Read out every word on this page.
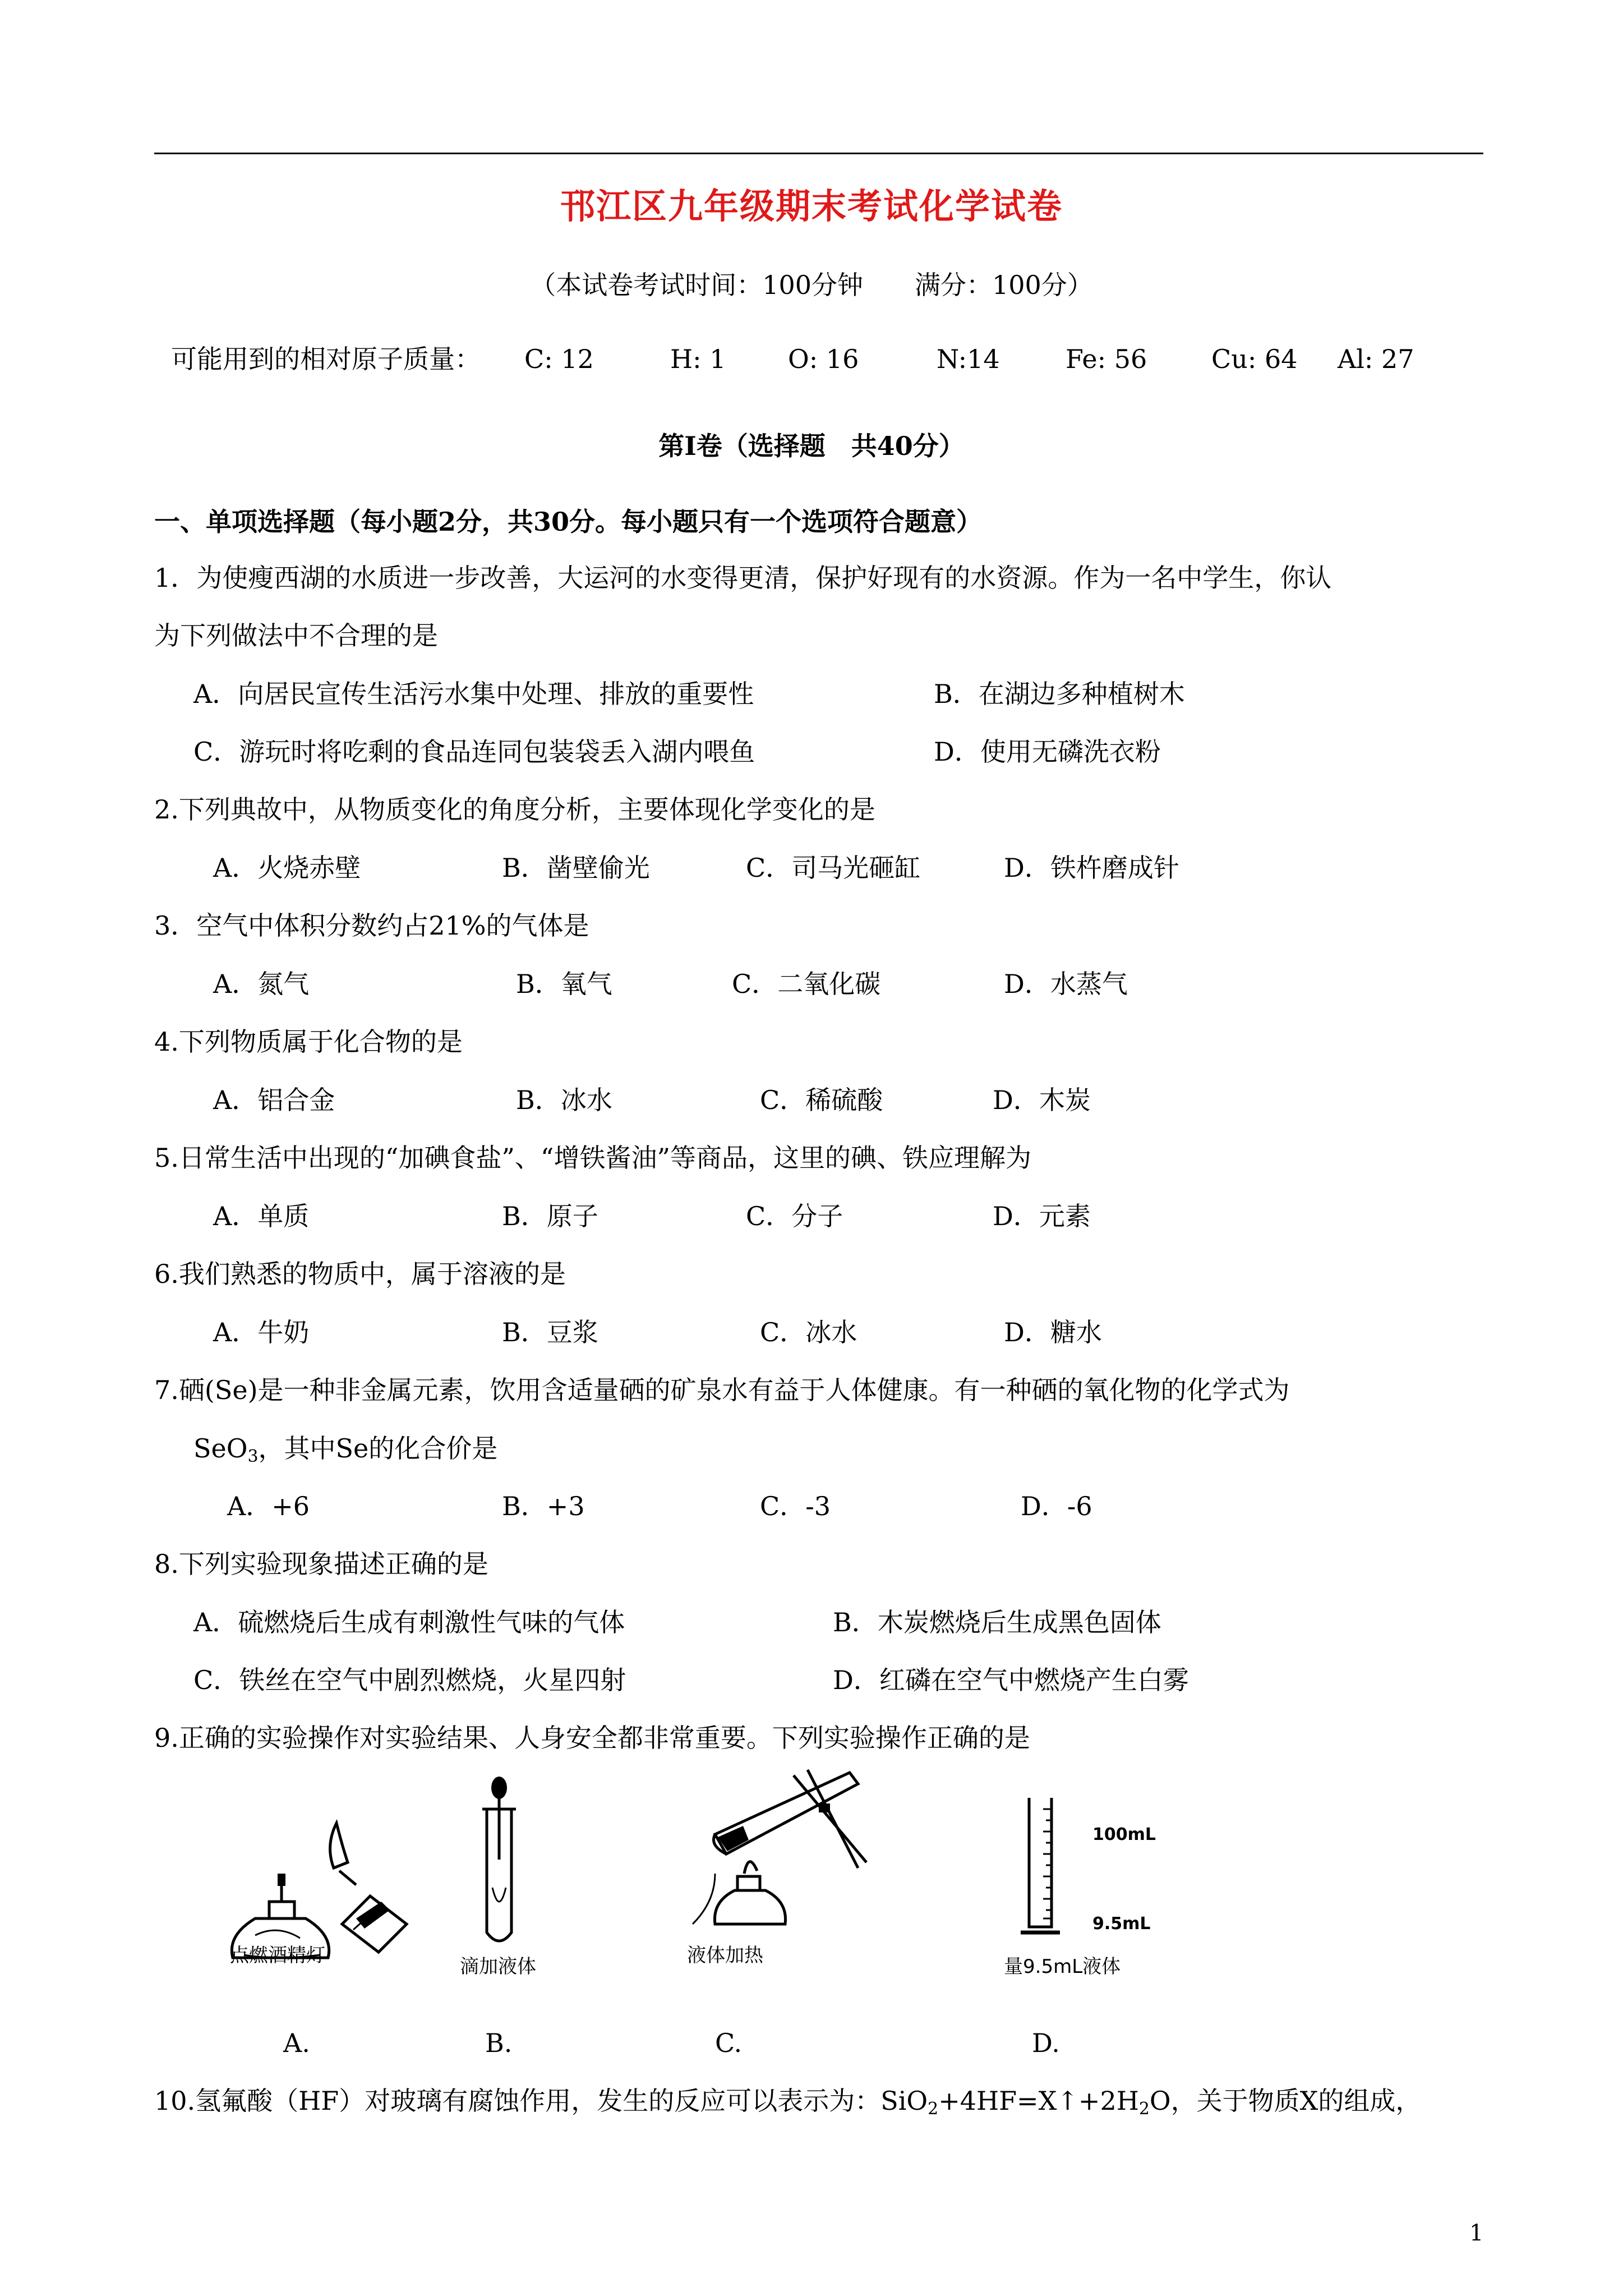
邗江区九年级期末考试化学试卷
（本试卷考试时间：100分钟　　满分：100分）
可能用到的相对原子质量： C: 12	H: 1 O: 16	N:14	Fe: 56 Cu: 64 Al: 27
第Ⅰ卷（选择题　共40分）
一、单项选择题（每小题2分，共30分。每小题只有一个选项符合题意）
1．为使瘦西湖的水质进一步改善，大运河的水变得更清，保护好现有的水资源。作为一名中学生，你认
为下列做法中不合理的是
A．向居民宣传生活污水集中处理、排放的重要性	B．在湖边多种植树木
C．游玩时将吃剩的食品连同包装袋丢入湖内喂鱼	D．使用无磷洗衣粉
2.下列典故中，从物质变化的角度分析，主要体现化学变化的是
A．火烧赤壁	B．凿壁偷光	C．司马光砸缸	D．铁杵磨成针
3．空气中体积分数约占21%的气体是
A．氮气	B．氧气	C．二氧化碳	D．水蒸气
4.下列物质属于化合物的是
A．铝合金	B．冰水	C．稀硫酸	D．木炭
5.日常生活中出现的“加碘食盐”、“增铁酱油”等商品，这里的碘、铁应理解为
A．单质	B．原子	C．分子	D．元素
6.我们熟悉的物质中，属于溶液的是
A．牛奶	B．豆浆	C．冰水	D．糖水
7.硒(Se)是一种非金属元素，饮用含适量硒的矿泉水有益于人体健康。有一种硒的氧化物的化学式为
SeO$_3$，其中Se的化合价是
A．+6	B．+3	C．-3	D．-6
8.下列实验现象描述正确的是
A．硫燃烧后生成有刺激性气味的气体	B．木炭燃烧后生成黑色固体
C．铁丝在空气中剧烈燃烧，火星四射	D．红磷在空气中燃烧产生白雾
9.正确的实验操作对实验结果、人身安全都非常重要。下列实验操作正确的是
点燃酒精灯	滴加液体	液体加热
100mL
9.5mL
量9.5mL液体
A.	B.	C.	D.
10.氢氟酸（HF）对玻璃有腐蚀作用，发生的反应可以表示为：$SiO_2+4HF=X↑+2H_2O$，关于物质X的组成，
1
